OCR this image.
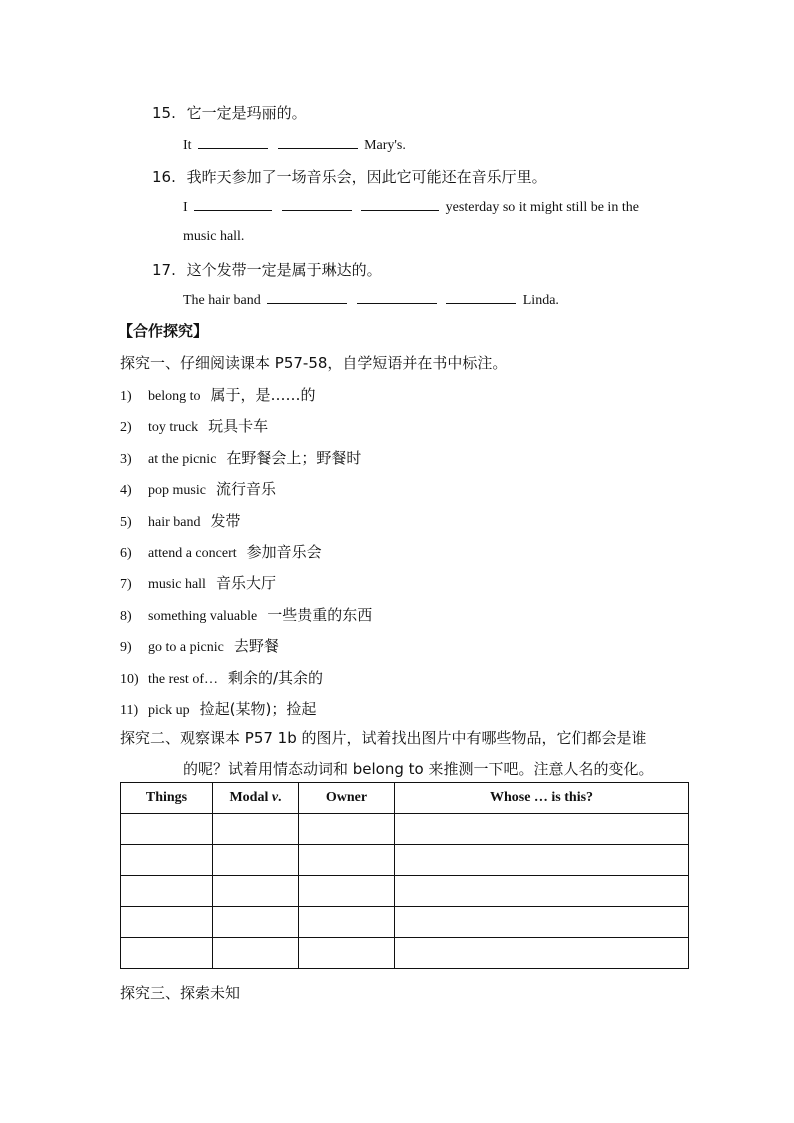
15. 它一定是玛丽的。
It	Mary's.
16. 我昨天参加了一场音乐会，因此它可能还在音乐厅里。
I	yesterday so it might still be in the
music hall.
17. 这个发带一定是属于琳达的。
The hair band	Linda.
【合作探究】
探究一、仔细阅读课本 P57-58，自学短语并在书中标注。
1) belong to 属于，是……的
2) toy truck 玩具卡车
3) at the picnic 在野餐会上；野餐时
4) pop music 流行音乐
5) hair band 发带
6) attend a concert 参加音乐会
7) music hall 音乐大厅
8) something valuable 一些贵重的东西
9) go to a picnic 去野餐
10) the rest of… 剩余的/其余的
11) pick up 捡起(某物)；捡起
探究二、观察课本 P57 1b 的图片，试着找出图片中有哪些物品，它们都会是谁
的呢？试着用情态动词和 belong to 来推测一下吧。注意人名的变化。
Things	Modal v.	Owner	Whose … is this?

探究三、探索未知
